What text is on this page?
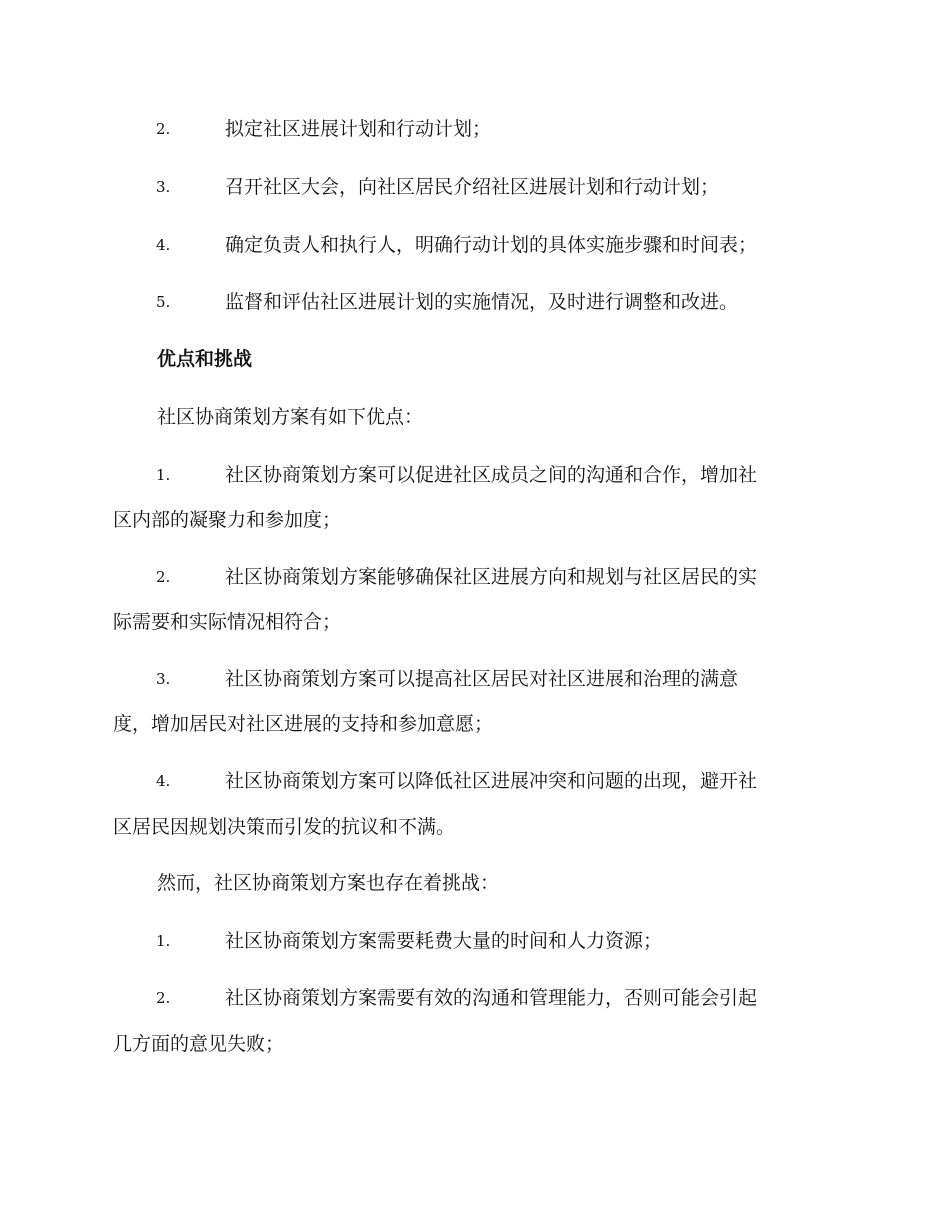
2.	拟定社区进展计划和行动计划；
3.	召开社区大会，向社区居民介绍社区进展计划和行动计划；
4.	确定负责人和执行人，明确行动计划的具体实施步骤和时间表；
5.	监督和评估社区进展计划的实施情况，及时进行调整和改进。
优点和挑战
社区协商策划方案有如下优点：
1.	社区协商策划方案可以促进社区成员之间的沟通和合作，增加社
区内部的凝聚力和参加度；
2.	社区协商策划方案能够确保社区进展方向和规划与社区居民的实
际需要和实际情况相符合；
3.	社区协商策划方案可以提高社区居民对社区进展和治理的满意
度，增加居民对社区进展的支持和参加意愿；
4.	社区协商策划方案可以降低社区进展冲突和问题的出现，避开社
区居民因规划决策而引发的抗议和不满。
然而，社区协商策划方案也存在着挑战：
1.	社区协商策划方案需要耗费大量的时间和人力资源；
2.	社区协商策划方案需要有效的沟通和管理能力，否则可能会引起
几方面的意见失败；
